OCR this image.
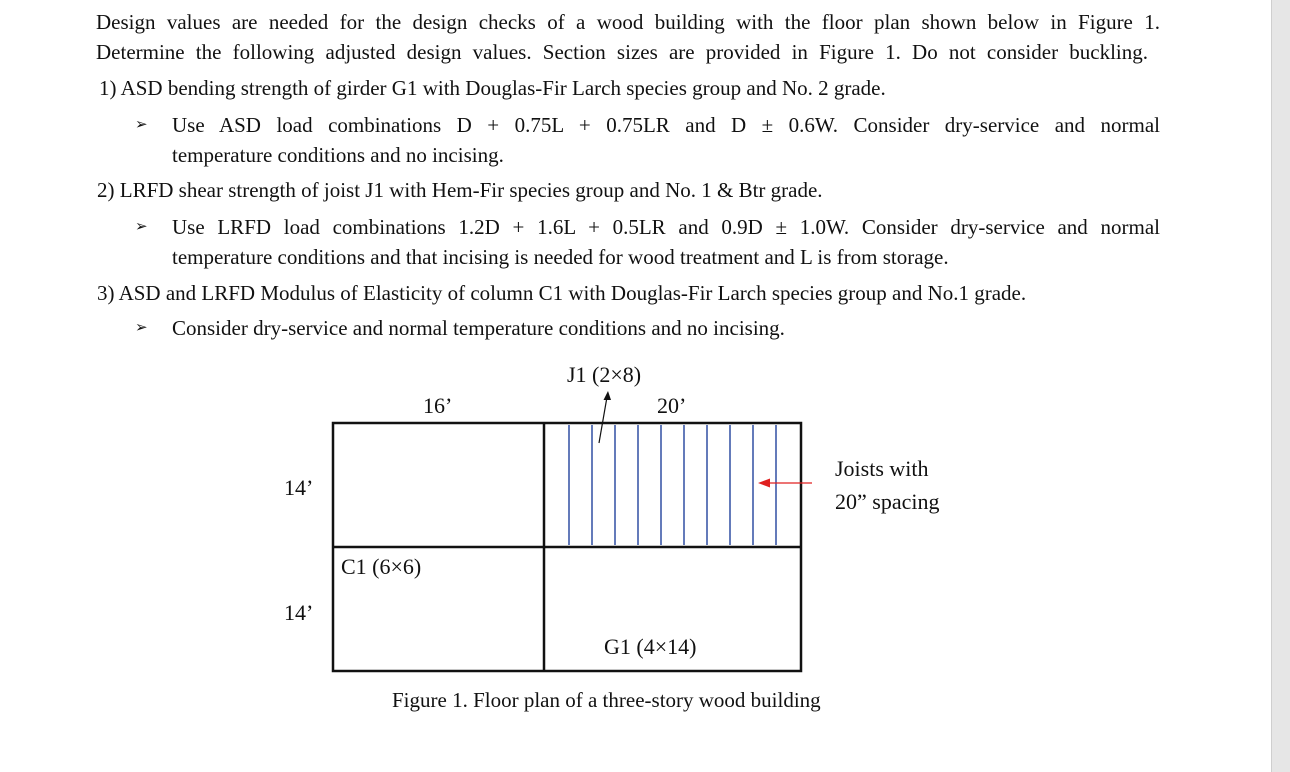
Design values are needed for the design checks of a wood building with the floor plan shown below in Figure 1.
Determine the following adjusted design values. Section sizes are provided in Figure 1. Do not consider buckling.
1) ASD bending strength of girder G1 with Douglas-Fir Larch species group and No. 2 grade.
➢ Use ASD load combinations D + 0.75L + 0.75LR and D ± 0.6W. Consider dry-service and normal
temperature conditions and no incising.
2) LRFD shear strength of joist J1 with Hem-Fir species group and No. 1 & Btr grade.
➢ Use LRFD load combinations 1.2D + 1.6L + 0.5LR and 0.9D ± 1.0W. Consider dry-service and normal
temperature conditions and that incising is needed for wood treatment and L is from storage.
3) ASD and LRFD Modulus of Elasticity of column C1 with Douglas-Fir Larch species group and No.1 grade.
➢ Consider dry-service and normal temperature conditions and no incising.
J1 (2×8)
16’	20’
14’
14’
C1 (6×6)
G1 (4×14)
Joists with
20” spacing
Figure 1. Floor plan of a three-story wood building
